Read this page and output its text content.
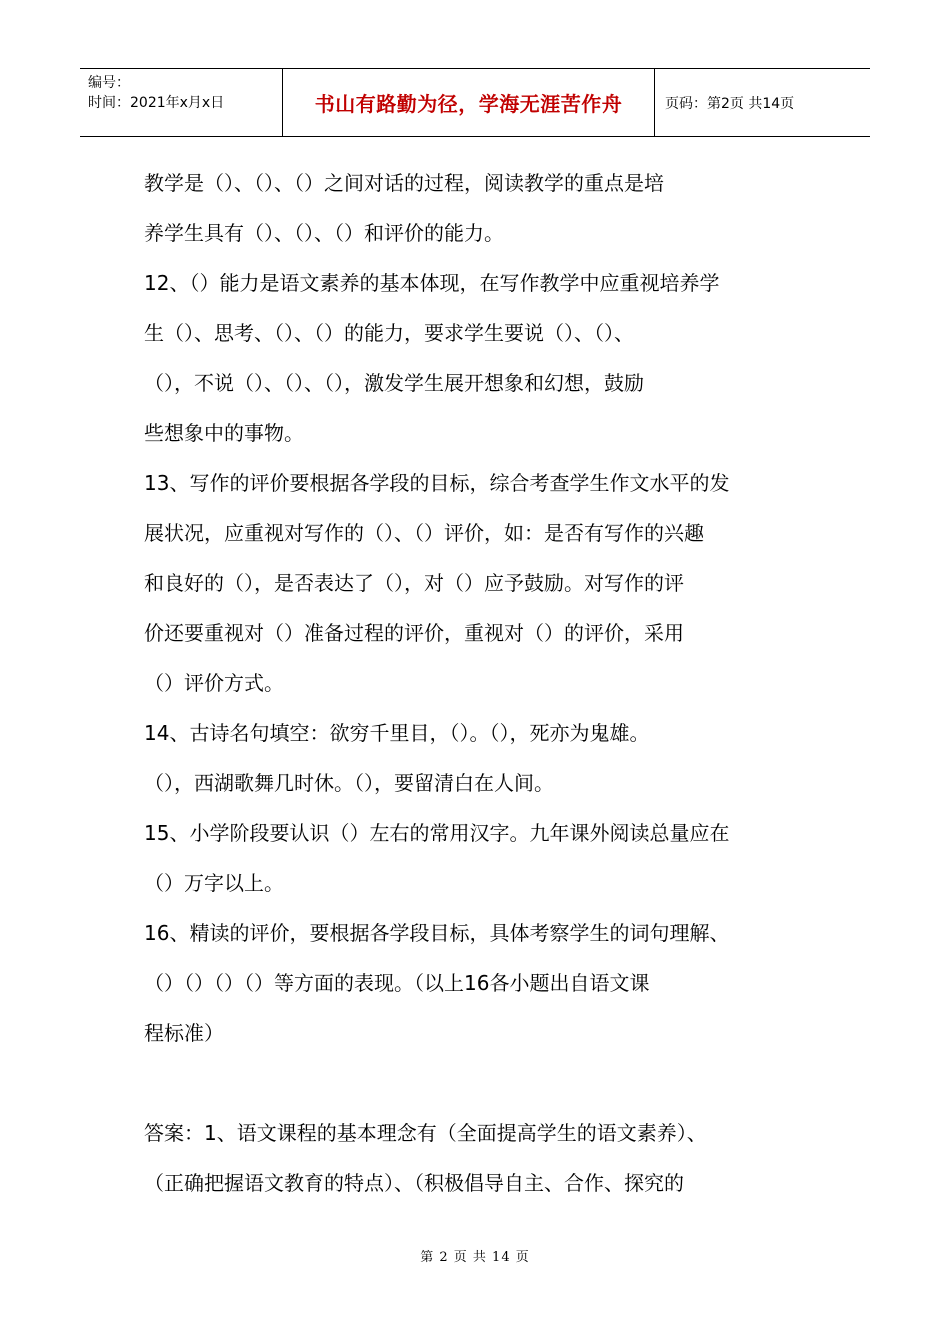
编号：
时间：2021年x月x日	书山有路勤为径，学海无涯苦作舟	页码：第2页 共14页
教学是（）、（）、（）之间对话的过程，阅读教学的重点是培
养学生具有（）、（）、（）和评价的能力。
12、（）能力是语文素养的基本体现，在写作教学中应重视培养学
生（）、思考、（）、（）的能力，要求学生要说（）、（）、
（），不说（）、（）、（），激发学生展开想象和幻想，鼓励
些想象中的事物。
13、写作的评价要根据各学段的目标，综合考查学生作文水平的发
展状况，应重视对写作的（）、（）评价，如：是否有写作的兴趣
和良好的（），是否表达了（），对（）应予鼓励。对写作的评
价还要重视对（）准备过程的评价，重视对（）的评价，采用
（）评价方式。
14、古诗名句填空：欲穷千里目，（）。（），死亦为鬼雄。
（），西湖歌舞几时休。（），要留清白在人间。
15、小学阶段要认识（）左右的常用汉字。九年课外阅读总量应在
（）万字以上。
16、精读的评价，要根据各学段目标，具体考察学生的词句理解、
（）（）（）（）等方面的表现。（以上16各小题出自语文课
程标准）
答案：1、语文课程的基本理念有（全面提高学生的语文素养）、
（正确把握语文教育的特点）、（积极倡导自主、合作、探究的
第 2 页 共 14 页
